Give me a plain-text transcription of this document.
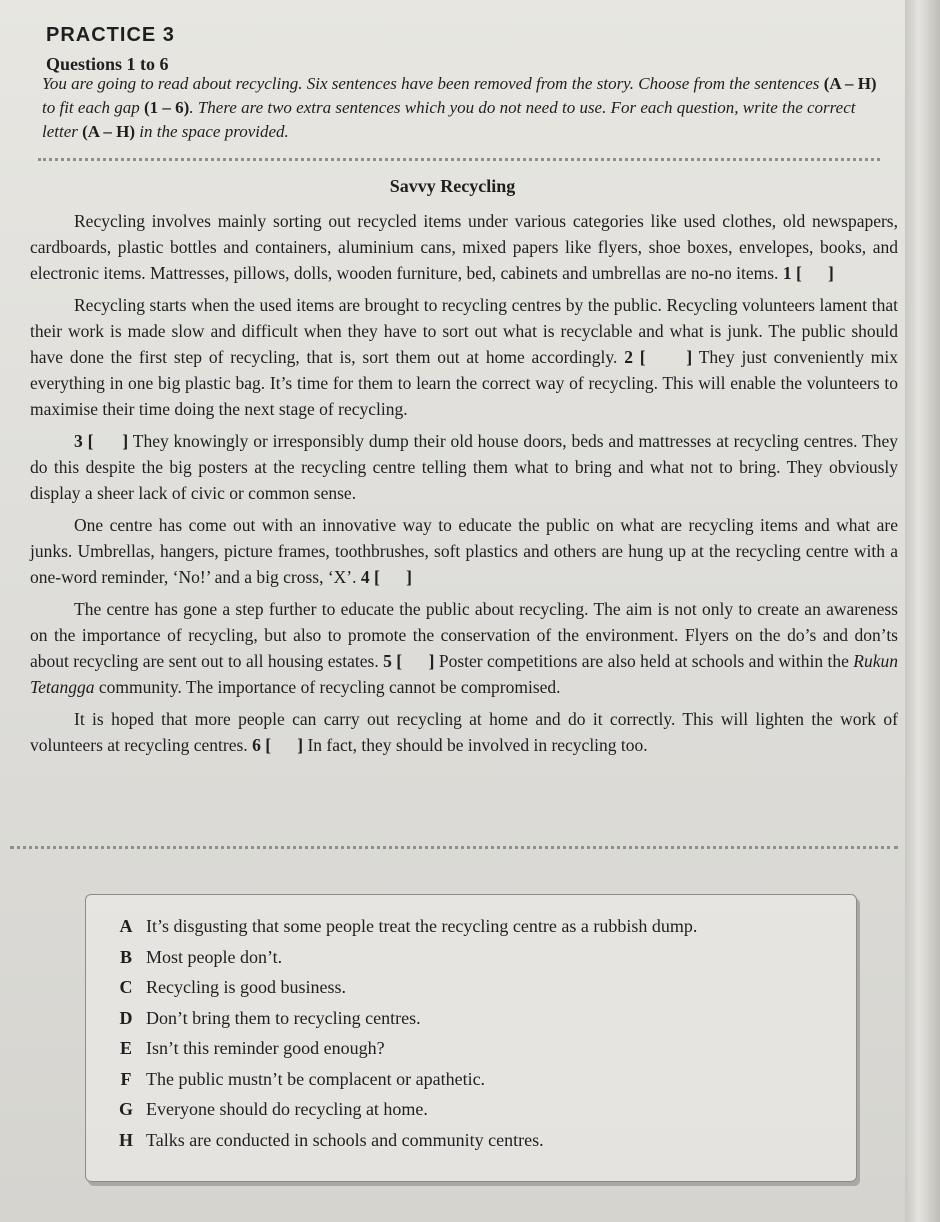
PRACTICE 3
Questions 1 to 6
You are going to read about recycling. Six sentences have been removed from the story. Choose from the sentences (A – H) to fit each gap (1 – 6). There are two extra sentences which you do not need to use. For each question, write the correct letter (A – H) in the space provided.
Savvy Recycling

Recycling involves mainly sorting out recycled items under various categories like used clothes, old newspapers, cardboards, plastic bottles and containers, aluminium cans, mixed papers like flyers, shoe boxes, envelopes, books, and electronic items. Mattresses, pillows, dolls, wooden furniture, bed, cabinets and umbrellas are no-no items. 1 [      ]

Recycling starts when the used items are brought to recycling centres by the public. Recycling volunteers lament that their work is made slow and difficult when they have to sort out what is recyclable and what is junk. The public should have done the first step of recycling, that is, sort them out at home accordingly. 2 [      ] They just conveniently mix everything in one big plastic bag. It’s time for them to learn the correct way of recycling. This will enable the volunteers to maximise their time doing the next stage of recycling.

3 [      ] They knowingly or irresponsibly dump their old house doors, beds and mattresses at recycling centres. They do this despite the big posters at the recycling centre telling them what to bring and what not to bring. They obviously display a sheer lack of civic or common sense.

One centre has come out with an innovative way to educate the public on what are recycling items and what are junks. Umbrellas, hangers, picture frames, toothbrushes, soft plastics and others are hung up at the recycling centre with a one-word reminder, ‘No!’ and a big cross, ‘X’. 4 [      ]

The centre has gone a step further to educate the public about recycling. The aim is not only to create an awareness on the importance of recycling, but also to promote the conservation of the environment. Flyers on the do’s and don’ts about recycling are sent out to all housing estates. 5 [      ] Poster competitions are also held at schools and within the Rukun Tetangga community. The importance of recycling cannot be compromised.

It is hoped that more people can carry out recycling at home and do it correctly. This will lighten the work of volunteers at recycling centres. 6 [      ] In fact, they should be involved in recycling too.

A It’s disgusting that some people treat the recycling centre as a rubbish dump.
B Most people don’t.
C Recycling is good business.
D Don’t bring them to recycling centres.
E Isn’t this reminder good enough?
F The public mustn’t be complacent or apathetic.
G Everyone should do recycling at home.
H Talks are conducted in schools and community centres.
